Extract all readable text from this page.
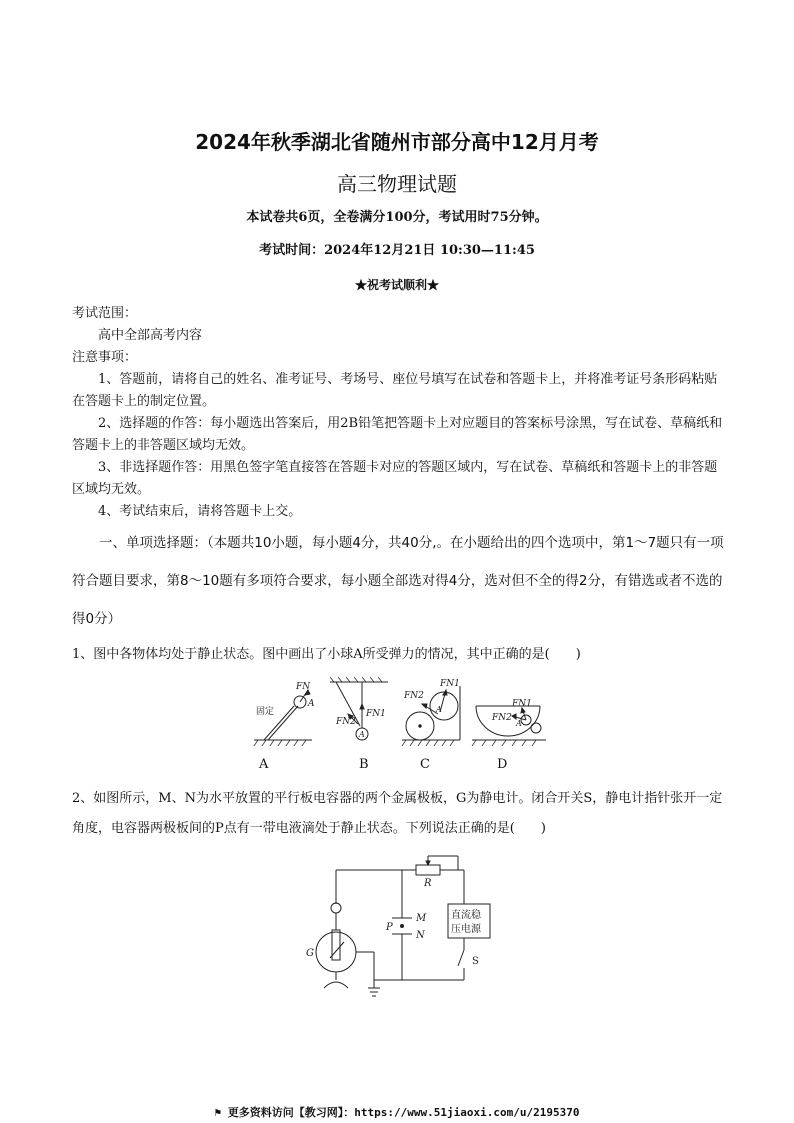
2024年秋季湖北省随州市部分高中12月月考
高三物理试题
本试卷共6页，全卷满分100分，考试用时75分钟。
考试时间：2024年12月21日 10:30—11:45
★祝考试顺利★

考试范围：

高中全部高考内容

注意事项：

1、答题前，请将自己的姓名、准考证号、考场号、座位号填写在试卷和答题卡上，并将准考证号条形码粘贴在答题卡上的制定位置。

2、选择题的作答：每小题选出答案后，用2B铅笔把答题卡上对应题目的答案标号涂黑，写在试卷、草稿纸和答题卡上的非答题区域均无效。

3、非选择题作答：用黑色签字笔直接答在答题卡对应的答题区域内，写在试卷、草稿纸和答题卡上的非答题区域均无效。

4、考试结束后，请将答题卡上交。

一、单项选择题：（本题共10小题，每小题4分，共40分,。在小题给出的四个选项中，第1～7题只有一项符合题目要求，第8～10题有多项符合要求，每小题全部选对得4分，选对但不全的得2分，有错选或者不选的得0分）
1、图中各物体均处于静止状态。图中画出了小球A所受弹力的情况，其中正确的是(　　)
固定
FN
A
FN1
FN2
A
FN2
FN1
A
FN2
FN1
A
A	B	C	D
2、如图所示，M、N为水平放置的平行板电容器的两个金属极板，G为静电计。闭合开关S，静电计指针张开一定角度，电容器两极板间的P点有一带电液滴处于静止状态。下列说法正确的是(　　)
R
M
N
P
G
S
直流稳
压电源
⚑ 更多资料访问【教习网】：https://www.51jiaoxi.com/u/2195370
